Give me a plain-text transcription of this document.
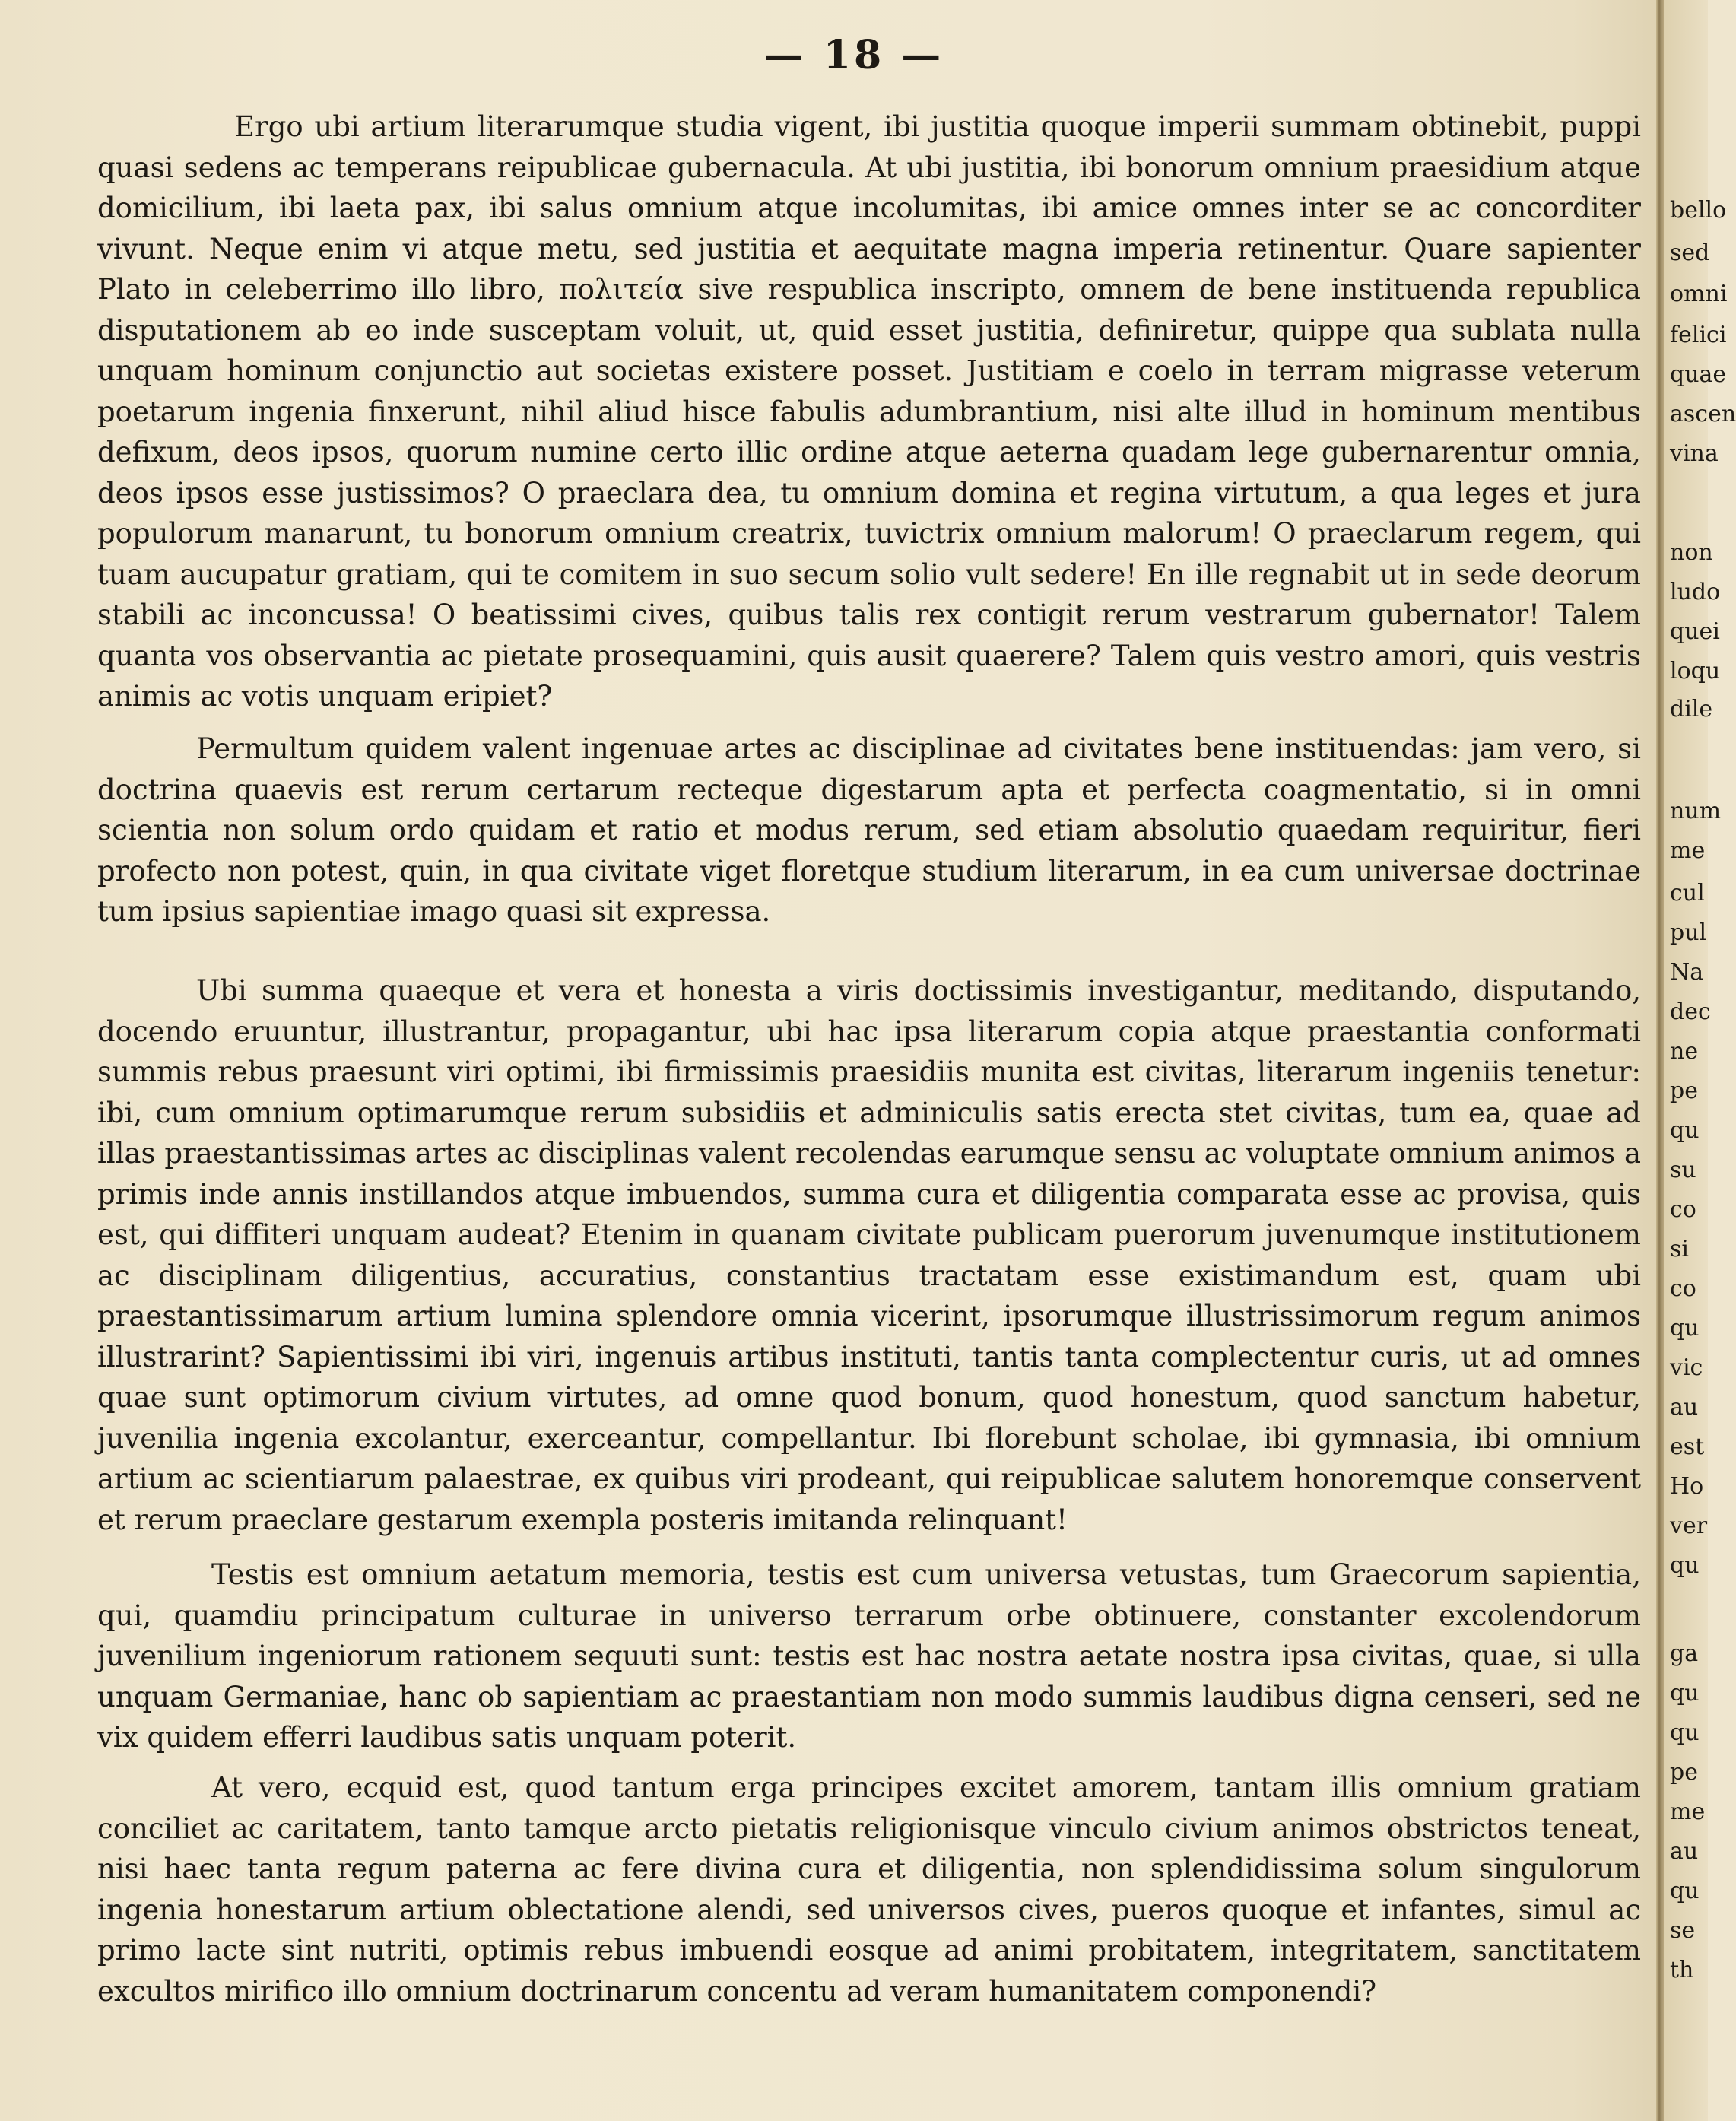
bello
sed
omni
felici
quae
ascen
vina
non
ludo
quei
loqu
dile
num
me
cul
pul
Na
dec
ne
pe
qu
su
co
si
co
qu
vic
au
est
Ho
ver
qu
ga
qu
qu
pe
me
au
qu
se
th
— 18 —

Ergo ubi artium literarumque studia vigent, ibi justitia quoque imperii summam obtinebit, puppi quasi sedens ac temperans reipublicae gubernacula. At ubi justitia, ibi bonorum omnium praesidium atque domicilium, ibi laeta pax, ibi salus omnium atque incolumitas, ibi amice omnes inter se ac concorditer vivunt. Neque enim vi atque metu, sed justitia et aequitate magna imperia retinentur. Quare sapienter Plato in celeberrimo illo libro, πολιτεία sive respublica inscripto, omnem de bene instituenda republica disputationem ab eo inde susceptam voluit, ut, quid esset justitia, definiretur, quippe qua sublata nulla unquam hominum conjunctio aut societas existere posset. Justitiam e coelo in terram migrasse veterum poetarum ingenia finxerunt, nihil aliud hisce fabulis adumbrantium, nisi alte illud in hominum mentibus defixum, deos ipsos, quorum numine certo illic ordine atque aeterna quadam lege gubernarentur omnia, deos ipsos esse justissimos? O praeclara dea, tu omnium domina et regina virtutum, a qua leges et jura populorum manarunt, tu bonorum omnium creatrix, tuvictrix omnium malorum! O praeclarum regem, qui tuam aucupatur gratiam, qui te comitem in suo secum solio vult sedere! En ille regnabit ut in sede deorum stabili ac inconcussa! O beatissimi cives, quibus talis rex contigit rerum vestrarum gubernator! Talem quanta vos observantia ac pietate prosequamini, quis ausit quaerere? Talem quis vestro amori, quis vestris animis ac votis unquam eripiet?

Permultum quidem valent ingenuae artes ac disciplinae ad civitates bene instituendas: jam vero, si doctrina quaevis est rerum certarum recteque digestarum apta et perfecta coagmentatio, si in omni scientia non solum ordo quidam et ratio et modus rerum, sed etiam absolutio quaedam requiritur, fieri profecto non potest, quin, in qua civitate viget floretque studium literarum, in ea cum universae doctrinae tum ipsius sapientiae imago quasi sit expressa.

Ubi summa quaeque et vera et honesta a viris doctissimis investigantur, meditando, disputando, docendo eruuntur, illustrantur, propagantur, ubi hac ipsa literarum copia atque praestantia conformati summis rebus praesunt viri optimi, ibi firmissimis praesidiis munita est civitas, literarum ingeniis tenetur: ibi, cum omnium optimarumque rerum subsidiis et adminiculis satis erecta stet civitas, tum ea, quae ad illas praestantissimas artes ac disciplinas valent recolendas earumque sensu ac voluptate omnium animos a primis inde annis instillandos atque imbuendos, summa cura et diligentia comparata esse ac provisa, quis est, qui diffiteri unquam audeat? Etenim in quanam civitate publicam puerorum juvenumque institutionem ac disciplinam diligentius, accuratius, constantius tractatam esse existimandum est, quam ubi praestantissimarum artium lumina splendore omnia vicerint, ipsorumque illustrissimorum regum animos illustrarint? Sapientissimi ibi viri, ingenuis artibus instituti, tantis tanta complectentur curis, ut ad omnes quae sunt optimorum civium virtutes, ad omne quod bonum, quod honestum, quod sanctum habetur, juvenilia ingenia excolantur, exerceantur, compellantur. Ibi florebunt scholae, ibi gymnasia, ibi omnium artium ac scientiarum palaestrae, ex quibus viri prodeant, qui reipublicae salutem honoremque conservent et rerum praeclare gestarum exempla posteris imitanda relinquant!

Testis est omnium aetatum memoria, testis est cum universa vetustas, tum Graecorum sapientia, qui, quamdiu principatum culturae in universo terrarum orbe obtinuere, constanter excolendorum juvenilium ingeniorum rationem sequuti sunt: testis est hac nostra aetate nostra ipsa civitas, quae, si ulla unquam Germaniae, hanc ob sapientiam ac praestantiam non modo summis laudibus digna censeri, sed ne vix quidem efferri laudibus satis unquam poterit.

At vero, ecquid est, quod tantum erga principes excitet amorem, tantam illis omnium gratiam conciliet ac caritatem, tanto tamque arcto pietatis religionisque vinculo civium animos obstrictos teneat, nisi haec tanta regum paterna ac fere divina cura et diligentia, non splendidissima solum singulorum ingenia honestarum artium oblectatione alendi, sed universos cives, pueros quoque et infantes, simul ac primo lacte sint nutriti, optimis rebus imbuendi eosque ad animi probitatem, integritatem, sanctitatem excultos mirifico illo omnium doctrinarum concentu ad veram humanitatem componendi?
